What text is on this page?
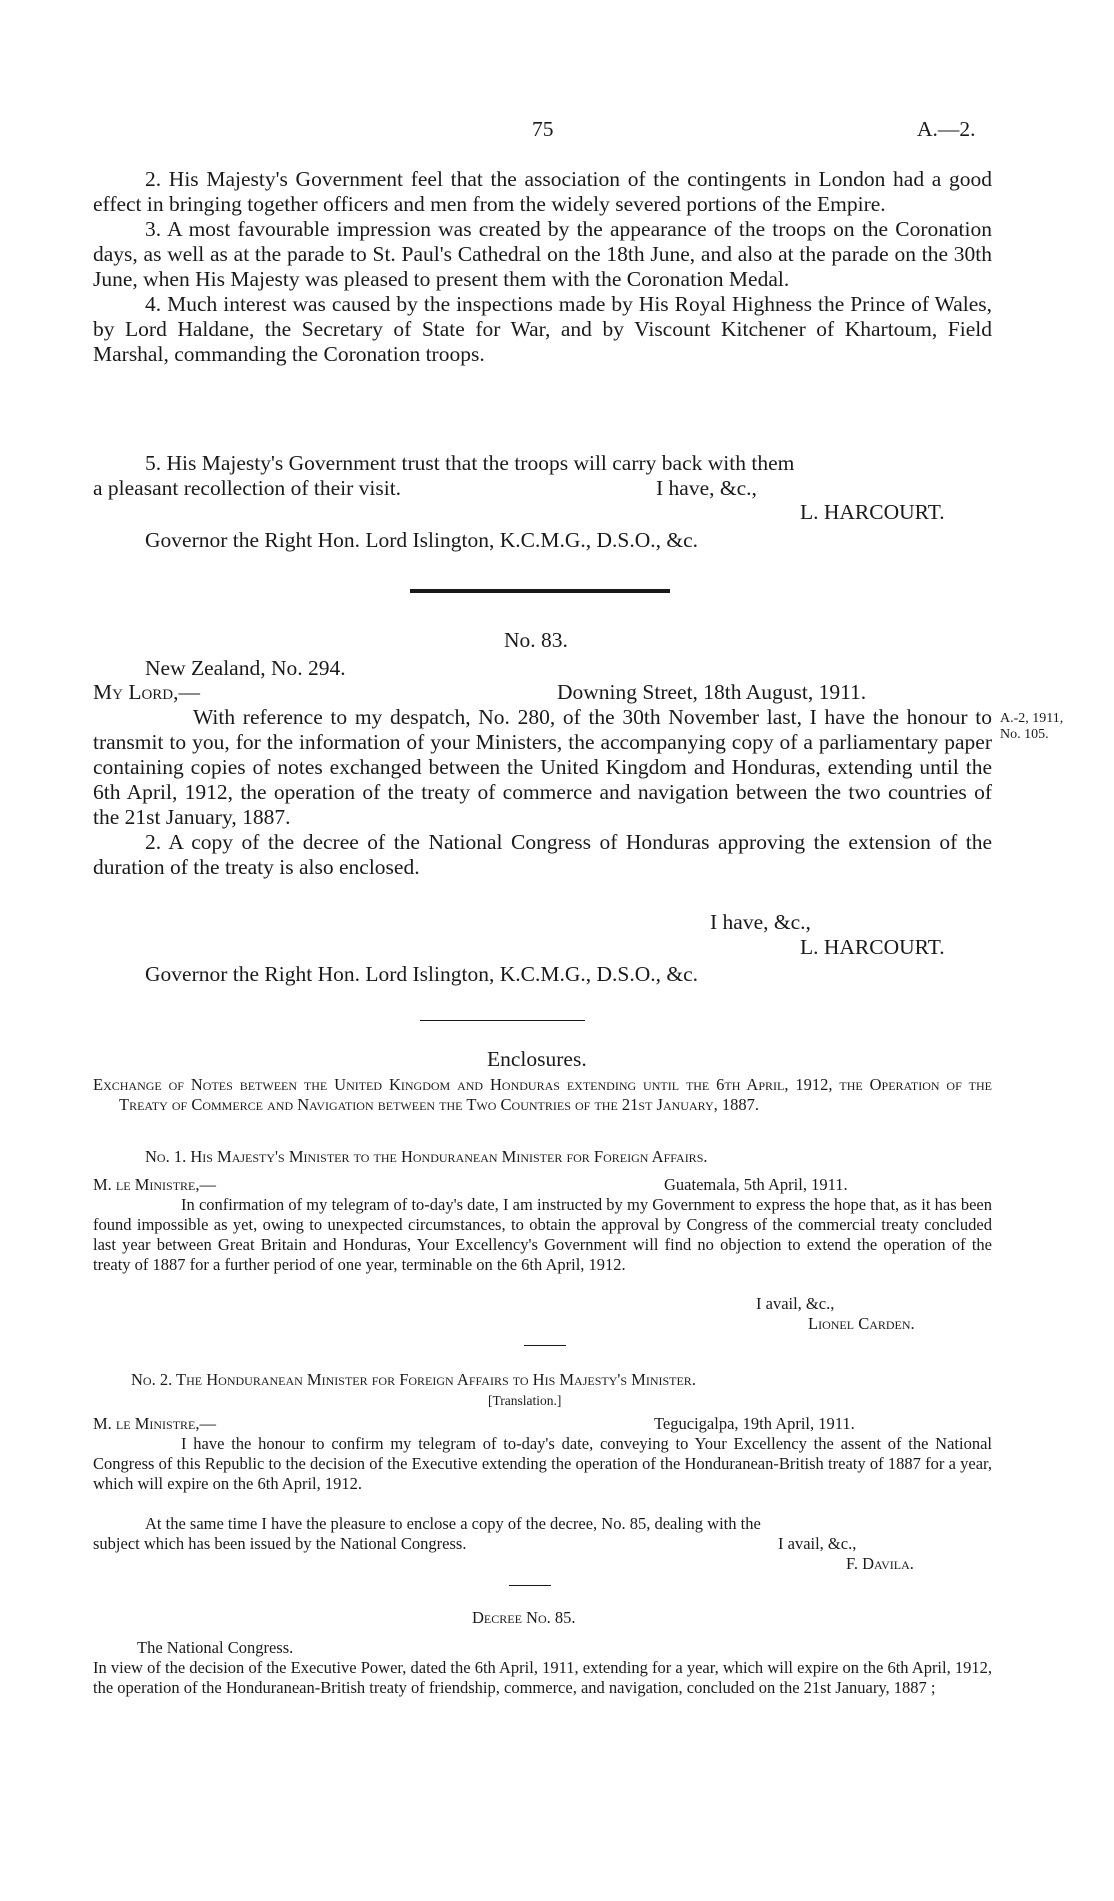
75	A.—2.

2. His Majesty's Government feel that the association of the contingents in London had a good effect in bringing together officers and men from the widely severed portions of the Empire.

3. A most favourable impression was created by the appearance of the troops on the Coronation days, as well as at the parade to St. Paul's Cathedral on the 18th June, and also at the parade on the 30th June, when His Majesty was pleased to present them with the Coronation Medal.

4. Much interest was caused by the inspections made by His Royal Highness the Prince of Wales, by Lord Haldane, the Secretary of State for War, and by Viscount Kitchener of Khartoum, Field Marshal, commanding the Coronation troops.

5. His Majesty's Government trust that the troops will carry back with them
a pleasant recollection of their visit.	I have, &c.,
L. HARCOURT.
Governor the Right Hon. Lord Islington, K.C.M.G., D.S.O., &c.
No. 83.
New Zealand, No. 294.
My Lord,—	Downing Street, 18th August, 1911.

With reference to my despatch, No. 280, of the 30th November last, I have the honour to transmit to you, for the information of your Ministers, the accompanying copy of a parliamentary paper containing copies of notes exchanged between the United Kingdom and Honduras, extending until the 6th April, 1912, the operation of the treaty of commerce and navigation between the two countries of the 21st January, 1887.

2. A copy of the decree of the National Congress of Honduras approving the extension of the duration of the treaty is also enclosed.

A.-2, 1911,
No. 105.
I have, &c.,
L. HARCOURT.
Governor the Right Hon. Lord Islington, K.C.M.G., D.S.O., &c.
Enclosures.
Exchange of Notes between the United Kingdom and Honduras extending until the 6th April, 1912, the Operation of the Treaty of Commerce and Navigation between the Two Countries of the 21st January, 1887.
No. 1. His Majesty's Minister to the Honduranean Minister for Foreign Affairs.
M. le Ministre,—	Guatemala, 5th April, 1911.

In confirmation of my telegram of to-day's date, I am instructed by my Government to express the hope that, as it has been found impossible as yet, owing to unexpected circumstances, to obtain the approval by Congress of the commercial treaty concluded last year between Great Britain and Honduras, Your Excellency's Government will find no objection to extend the operation of the treaty of 1887 for a further period of one year, terminable on the 6th April, 1912.

I avail, &c.,
Lionel Carden.
No. 2. The Honduranean Minister for Foreign Affairs to His Majesty's Minister.
[Translation.]
M. le Ministre,—	Tegucigalpa, 19th April, 1911.

I have the honour to confirm my telegram of to-day's date, conveying to Your Excellency the assent of the National Congress of this Republic to the decision of the Executive extending the operation of the Honduranean-British treaty of 1887 for a year, which will expire on the 6th April, 1912.

At the same time I have the pleasure to enclose a copy of the decree, No. 85, dealing with the
subject which has been issued by the National Congress.	I avail, &c.,
F. Davila.
Decree No. 85.
The National Congress.

In view of the decision of the Executive Power, dated the 6th April, 1911, extending for a year, which will expire on the 6th April, 1912, the operation of the Honduranean-British treaty of friendship, commerce, and navigation, concluded on the 21st January, 1887 ;
